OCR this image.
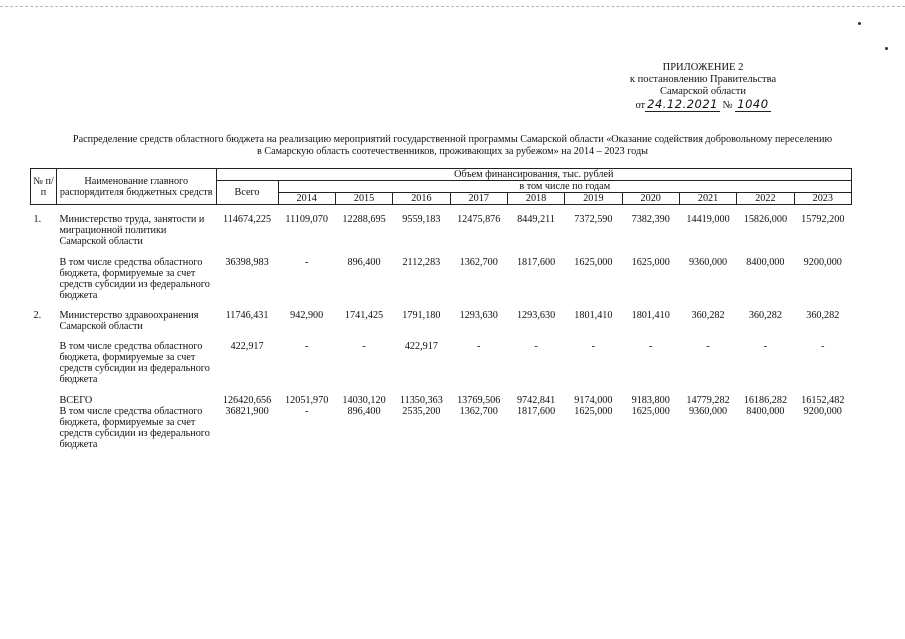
ПРИЛОЖЕНИЕ 2
к постановлению Правительства
Самарской области
от 24.12.2021 № 1040
Распределение средств областного бюджета на реализацию мероприятий государственной программы Самарской области «Оказание содействия добровольному переселению
в Самарскую область соотечественников, проживающих за рубежом» на 2014 – 2023 годы
№ п/п	Наименование главного распорядителя бюджетных средств	Объем финансирования, тыс. рублей										
		Всего	в том числе по годам									
			2014	2015	2016	2017	2018	2019	2020	2021	2022	2023

1.	Министерство труда, занятости и миграционной политики Самарской области	114674,225	11109,070	12288,695	9559,183	12475,876	8449,211	7372,590	7382,390	14419,000	15826,000	15792,200

	В том числе средства областного бюджета, формируемые за счет средств субсидии из федерального бюджета	36398,983	-	896,400	2112,283	1362,700	1817,600	1625,000	1625,000	9360,000	8400,000	9200,000

2.	Министерство здравоохранения Самарской области	11746,431	942,900	1741,425	1791,180	1293,630	1293,630	1801,410	1801,410	360,282	360,282	360,282

	В том числе средства областного бюджета, формируемые за счет средств субсидии из федерального бюджета	422,917	-	-	422,917	-	-	-	-	-	-	-

	ВСЕГО	126420,656	12051,970	14030,120	11350,363	13769,506	9742,841	9174,000	9183,800	14779,282	16186,282	16152,482

	В том числе средства областного бюджета, формируемые за счет средств субсидии из федерального бюджета	36821,900	-	896,400	2535,200	1362,700	1817,600	1625,000	1625,000	9360,000	8400,000	9200,000
